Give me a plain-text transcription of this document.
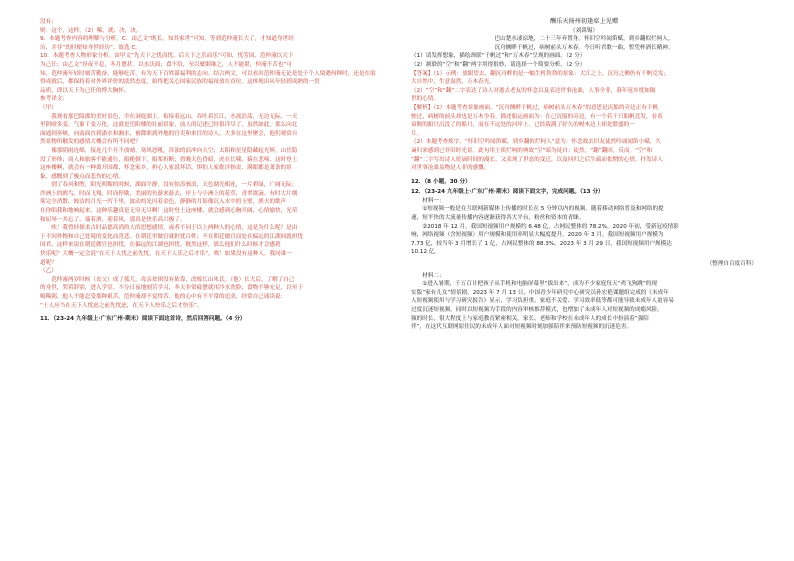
没有；

则：这个，这样。（2）稀，就；决，决。

9．本题考查内容的理解与分析。C．由乙文“既长，知其家世”可知，等到范仲淹长大了，才知道身世经

历，并非“幼时便知身世经历”。故选 C。

10．本题考查人物形象分析。由甲文“先天下之忧而忧，后天下之乐而乐”可知，忧劳国，范仲淹以天下

为己任；由乙文“昼夜不息，冬月惫甚，以水沃面；食不给，至以糜粥继之，人不能堪，仲淹不苦也”可

知，范仲淹年轻时刻苦勤奋，能够吃苦，有为天下百姓谋福利的志向。结合两文，可以看出范仲淹无论是处于个人境遇何种时，还是在取

得成就后，都保持着对外界评价的淡然态度，始终把关心国家民族的福祉放在首位。这体现出从年轻到成熟的一贯

品质，即以天下为己任的博大胸怀。

参考译文：

（甲）

我观看那巴陵郡的美好景色，全在洞庭湖上。衔接着远山，吞吐着长江，水流浩荡，无边无际，一天

里阴晴多变，气象千变万化。这就是岳阳楼的壮丽景象，前人的记述已经很详尽了。虽然如此，那么向北

面通到巫峡，向南面直到潇水和湘水，被降职到外地的官吏和来往的诗人，大多在这里聚会，他们观赏自

然景物所触发的感情大概会有所不同吧？

像那阴雨连绵，接连几个月不放晴，寒风怒吼，浑浊的浪冲向天空；太阳和星星隐藏起光辉，山岳隐

没了形体；商人和旅客不能通行，船桅倒下，船桨折断；傍晚天色昏暗，虎在长啸，猿在悲啼，这时登上

这座楼啊，就会有一种离开国都、怀念家乡，担心人家说坏话、惧怕人家批评指责，满眼都是萧条的景

象，感慨到了极点而悲伤的心情。

到了春风和煦，阳光明媚的时候，湖面平静，没有惊涛骇浪，天色湖光相连，一片碧绿，广阔无际；

沙洲上的鸥鸟，时而飞翔，时而停歇，美丽的鱼游来游去，岸上与小洲上的花草，青翠欲滴。有时大片烟

雾完全消散，皎洁的月光一泻千里，波动的光闪着金色，静静的月影像沉入水中的玉璧，渔夫的歌声

在你唱我和地响起来，这种乐趣真是无穷无尽啊！这时登上这座楼，就会感到心胸开阔、心情愉快，光荣

和屈辱一并忘了，端着酒，迎着风，那真是快乐高兴极了。

唉！我曾经探求古时品德高尚的人的思想感情，或者不同于以上两种人的心情，这是为什么呢？是由

于不因外物和自己处境的变化而喜悲。在朝廷里做官就担忧百姓；不在朝廷做官而处在偏远的江湖间就担忧

国君。这样来说在朝廷做官也担忧，在偏远的江湖也担忧。既然这样，那么他们什么时候才会感到

快乐呢？大概一定会说“在天下人忧之前先忧，在天下人乐之后才乐”。唉！如果没有这种人，我同谁一

道呢？

（乙）

范仲淹两岁时候（丧父）成了孤儿，母亲贫困没有依靠，改嫁长山朱氏。（他）长大后，了解了自己

的身世，哭着辞别，进入学堂。不分日夜地刻苦学习，冬天非常疲惫就用冷水洗脸；食物不够充足，以至于

喝稀粥，他人不能忍受那种艰苦，范仲淹却不觉得苦。他的心中有不平常的追求，经常自己诵读说：

“士人应当在天下人忧虑之前先忧虑，在天下人快乐之后才快乐”。

11．（23-24 九年级上·广东广州·期末）阅读下面这首诗，然后回答问题。（4 分）

酬乐天扬州初逢席上见赠

（刘禹锡）

巴山楚水凄凉地，二十三年弃置身。怀旧空吟闻笛赋，到乡翻似烂柯人。

沉舟侧畔千帆过，病树前头万木春。今日听君歌一曲，暂凭杯酒长精神。

（1）请发挥想象，描绘颈联“千帆过”和“万木春”呈现的画面。（2 分）

（2）颔联的“空”和“翻”两字用得很妙，请选择一个简要分析。（2 分）

【答案】（1）示例：放眼望去，翻沉舟畔的是一幅生机勃勃的景象：大江之上，沉舟之侧仍有千帆竞发；

大自然中，生意盎然，万木春光。

（2）“空”和“翻”二字表达了诗人对逝去老友的怀念以及表达世事沧桑，人事全非，暮年返乡恍如隔

世的心情。

【解析】（1）本题考查景象画面。“沉舟侧畔千帆过，病树前头万木春”的意思是沉船的旁边正有千帆

驶过，病树的前头却也是万木争春。描述船运画面为：在已沉船的旁边，有一个若干只船帆竞发，看着

衰颓的船只沉没了的船只，而在不远处的河岸上，已经栽满了好久的树木边上却是繁盛的一

片。

（2）本题考查炼字。“怀旧空吟闻笛赋，到乡翻似烂柯人”意为：怀念故去旧友徒然吟诵闻笛小赋，久

谪归来感到已非旧时光景。此句用王质烂柯的典故“空”暗为徒自；徒然。“翻”翻回，反而。“空”和

“翻”二字写出诗人贬谪时间的漫长，又表现了世态的变迁，以及回归之后生疏而怅惘的心情，抒发诗人

对世事沧桑及物是人非的感慨。

12．（8 小题，30 分）

12．（23-24 九年级上·广东广州·期末）阅读下面文字，完成问题。（13 分）

材料一：

①短视频一般是在互联网新媒体上传播的时长在 5 分钟以内的视频。随着移动网络普及和网络的提

速，短平快的大流量传播内容逐渐获得各大平台、粉丝和资本的青睐。

②2018 年 12 月，我国短视频用户规模约 6.48 亿，占网民整体的 78.2%。2020 年初，受新冠疫情影

响，网络视频（含短视频）用户规模和使用率明显大幅度提升。2020 年 3 月，我国短视频用户规模为

7.73 亿，较当年 3 月增长了 1 亿，占网民整体的 88.3%。2023 年 3 月 29 日，我国短视频用户规模达

10.12 亿。

（整理自百度百科）

材料二：

①进入暑期，千万百计把孩子从手机和电脑屏幕里“拔出来”，成为不少家庭每天“鸡飞狗跳”的现

实版“家有儿女”情景剧。2023 年 7 月 13 日，中国青少年研究中心研究员孙宏艳课题组完成的《未成年

人短视频使用与学习研究报告》显示，学习负担重、家庭不关爱、学习效率低等都可能导致未成年人更容易

过度沉迷短视频。同时以短视频为手段的内容审核推荐模式，也增加了未成年人对短视频的成瘾风险。

频的时长，很大程度上与家庭教育紧密相关。家长、老师和学校在未成年人的成长中扮演着“强陪

伴”，在这代互联网原住民的未成年人面对短视频时刻加强陪伴来预防短视频的沉迷危害。
